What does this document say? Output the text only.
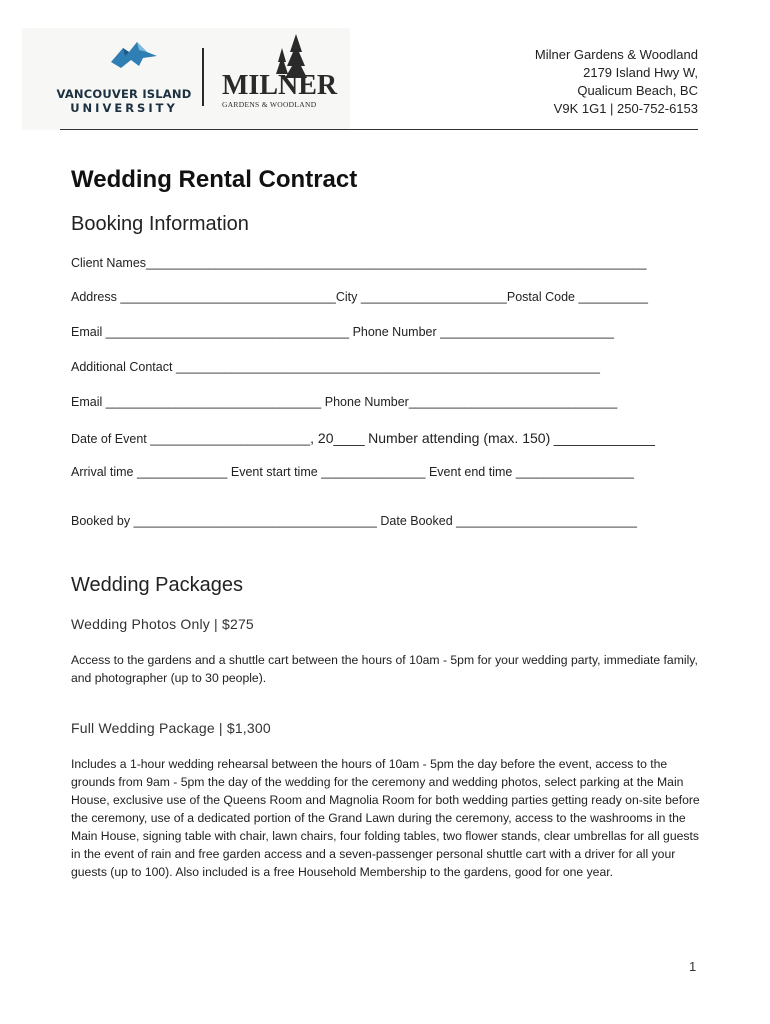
VANCOUVER ISLAND
UNIVERSITY
MILNER
GARDENS & WOODLAND
Milner Gardens & Woodland
2179 Island Hwy W,
Qualicum Beach, BC
V9K 1G1 | 250-752-6153
Wedding Rental Contract
Booking Information
Client Names________________________________________________________________________
Address _______________________________City _____________________Postal Code __________
Email ___________________________________ Phone Number _________________________
Additional Contact _____________________________________________________________
Email _______________________________ Phone Number______________________________
Date of Event _______________________, 20____ Number attending (max. 150) _____________
Arrival time _____________ Event start time _______________ Event end time _________________
Booked by ___________________________________ Date Booked __________________________
Wedding Packages
Wedding Photos Only | $275

Access to the gardens and a shuttle cart between the hours of 10am - 5pm for your wedding party, immediate family, and photographer (up to 30 people).

Full Wedding Package | $1,300

Includes a 1-hour wedding rehearsal between the hours of 10am - 5pm the day before the event, access to the grounds from 9am - 5pm the day of the wedding for the ceremony and wedding photos, select parking at the Main House, exclusive use of the Queens Room and Magnolia Room for both wedding parties getting ready on-site before the ceremony, use of a dedicated portion of the Grand Lawn during the ceremony, access to the washrooms in the Main House, signing table with chair, lawn chairs, four folding tables, two flower stands, clear umbrellas for all guests in the event of rain and free garden access and a seven-passenger personal shuttle cart with a driver for all your guests (up to 100). Also included is a free Household Membership to the gardens, good for one year.

1
